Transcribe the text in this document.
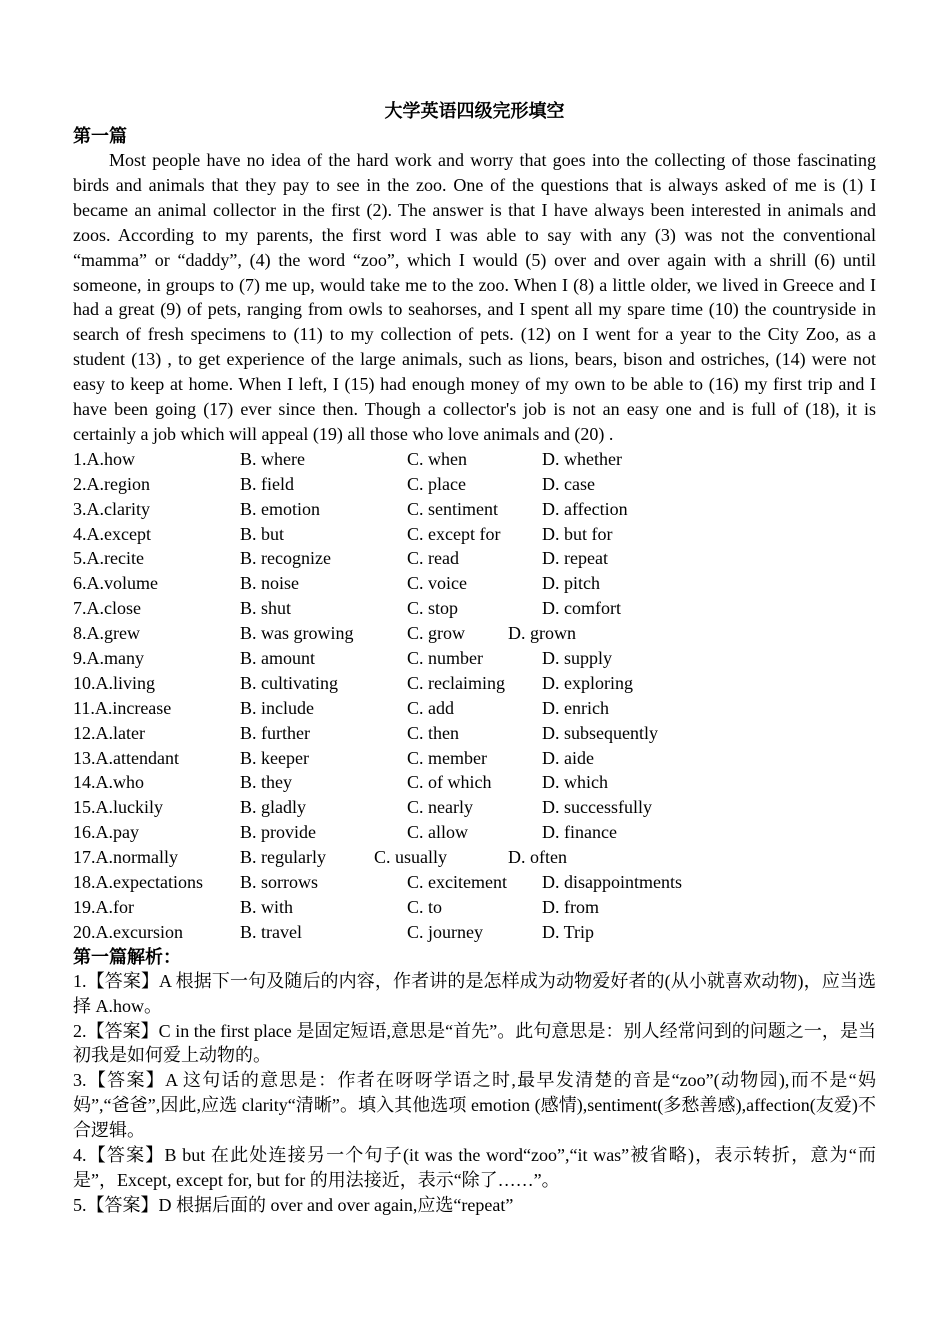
大学英语四级完形填空

第一篇

Most people have no idea of the hard work and worry that goes into the collecting of those fascinating birds and animals that they pay to see in the zoo. One of the questions that is always asked of me is (1) I became an animal collector in the first (2). The answer is that I have always been interested in animals and zoos. According to my parents, the first word I was able to say with any (3) was not the conventional “mamma” or “daddy”, (4) the word “zoo”, which I would (5) over and over again with a shrill (6) until someone, in groups to (7) me up, would take me to the zoo. When I (8) a little older, we lived in Greece and I had a great (9) of pets, ranging from owls to seahorses, and I spent all my spare time (10) the countryside in search of fresh specimens to (11) to my collection of pets. (12) on I went for a year to the City Zoo, as a student (13) , to get experience of the large animals, such as lions, bears, bison and ostriches, (14) were not easy to keep at home. When I left, I (15) had enough money of my own to be able to (16) my first trip and I have been going (17) ever since then. Though a collector's job is not an easy one and is full of (18), it is certainly a job which will appeal (19) all those who love animals and (20) .

1.A.how	B. where	C. when	D. whether
2.A.region	B. field	C. place	D. case
3.A.clarity	B. emotion	C. sentiment D. affection
4.A.except	B. but	C. except for D. but for
5.A.recite	B. recognize	C. read	D. repeat
6.A.volume	B. noise	C. voice	D. pitch
7.A.close	B. shut	C. stop	D. comfort
8.A.grew	B. was growing	C. grow D. grown
9.A.many	B. amount	C. number	D. supply
10.A.living	B. cultivating	C. reclaiming D. exploring
11.A.increase	B. include	C. add	D. enrich
12.A.later	B. further	C. then	D. subsequently
13.A.attendant	B. keeper	C. member	D. aide
14.A.who	B. they	C. of which	D. which
15.A.luckily	B. gladly	C. nearly	D. successfully
16.A.pay	B. provide	C. allow	D. finance
17.A.normally	B. regularly	C. usually	D. often
18.A.expectations B. sorrows	C. excitement D. disappointments
19.A.for	B. with	C. to	D. from
20.A.excursion	B. travel	C. journey	D. Trip

第一篇解析：

1.【答案】A 根据下一句及随后的内容，作者讲的是怎样成为动物爱好者的(从小就喜欢动物)，应当选择 A.how。

2.【答案】C in the first place 是固定短语,意思是“首先”。此句意思是：别人经常问到的问题之一，是当初我是如何爱上动物的。

3.【答案】A 这句话的意思是：作者在呀呀学语之时,最早发清楚的音是“zoo”(动物园),而不是“妈妈”,“爸爸”,因此,应选 clarity“清晰”。填入其他选项 emotion (感情),sentiment(多愁善感),affection(友爱)不合逻辑。

4.【答案】B but 在此处连接另一个句子(it was the word“zoo”,“it was”被省略)，表示转折，意为“而是”，Except, except for, but for 的用法接近，表示“除了……”。

5.【答案】D 根据后面的 over and over again,应选“repeat”
